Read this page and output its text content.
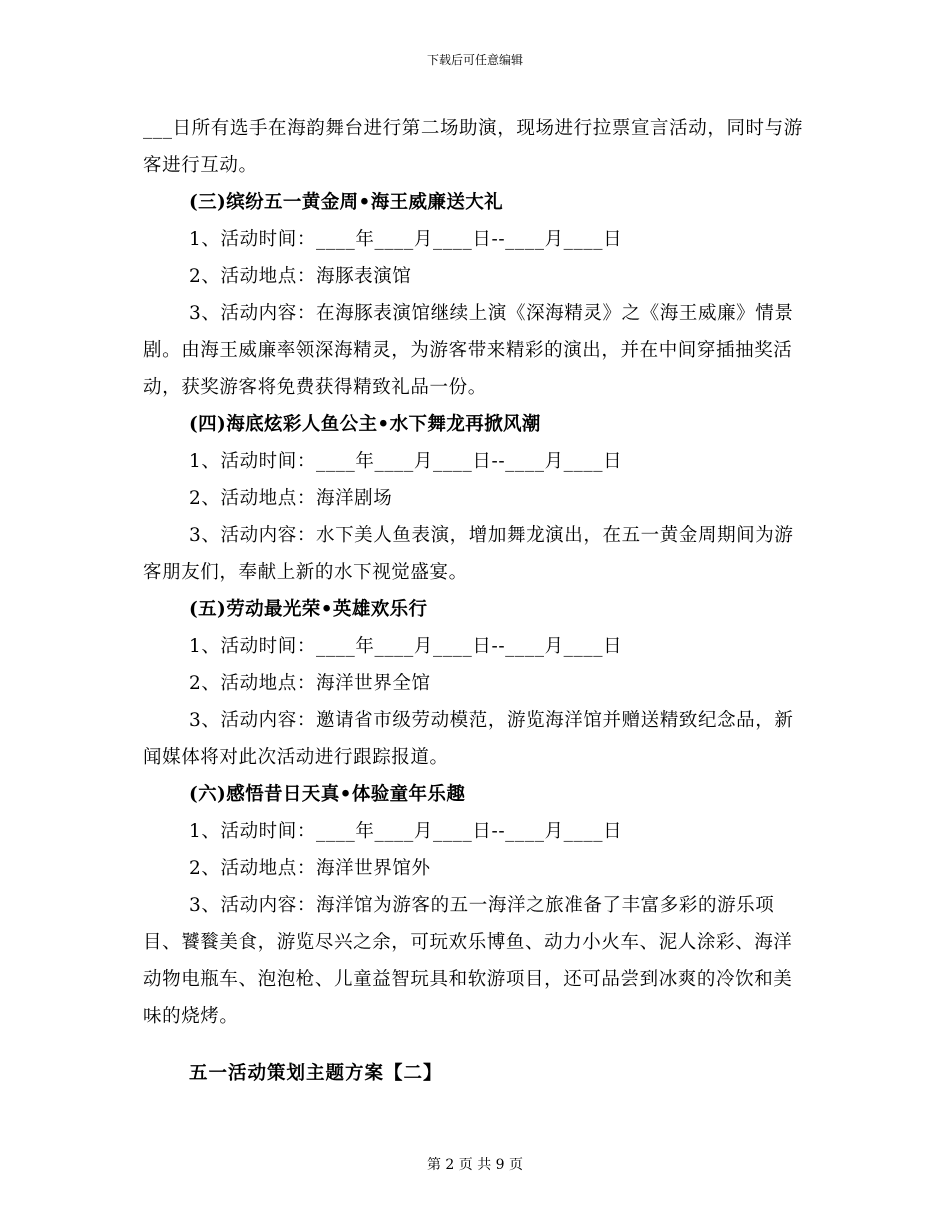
下载后可任意编辑

___日所有选手在海韵舞台进行第二场助演，现场进行拉票宣言活动，同时与游客进行互动。

(三)缤纷五一黄金周•海王威廉送大礼

1、活动时间：____年____月____日--____月____日

2、活动地点：海豚表演馆

3、活动内容：在海豚表演馆继续上演《深海精灵》之《海王威廉》情景剧。由海王威廉率领深海精灵，为游客带来精彩的演出，并在中间穿插抽奖活动，获奖游客将免费获得精致礼品一份。

(四)海底炫彩人鱼公主•水下舞龙再掀风潮

1、活动时间：____年____月____日--____月____日

2、活动地点：海洋剧场

3、活动内容：水下美人鱼表演，增加舞龙演出，在五一黄金周期间为游客朋友们，奉献上新的水下视觉盛宴。

(五)劳动最光荣•英雄欢乐行

1、活动时间：____年____月____日--____月____日

2、活动地点：海洋世界全馆

3、活动内容：邀请省市级劳动模范，游览海洋馆并赠送精致纪念品，新闻媒体将对此次活动进行跟踪报道。

(六)感悟昔日天真•体验童年乐趣

1、活动时间：____年____月____日--____月____日

2、活动地点：海洋世界馆外

3、活动内容：海洋馆为游客的五一海洋之旅准备了丰富多彩的游乐项目、饕餮美食，游览尽兴之余，可玩欢乐博鱼、动力小火车、泥人涂彩、海洋动物电瓶车、泡泡枪、儿童益智玩具和软游项目，还可品尝到冰爽的冷饮和美味的烧烤。

五一活动策划主题方案【二】

第 2 页 共 9 页
